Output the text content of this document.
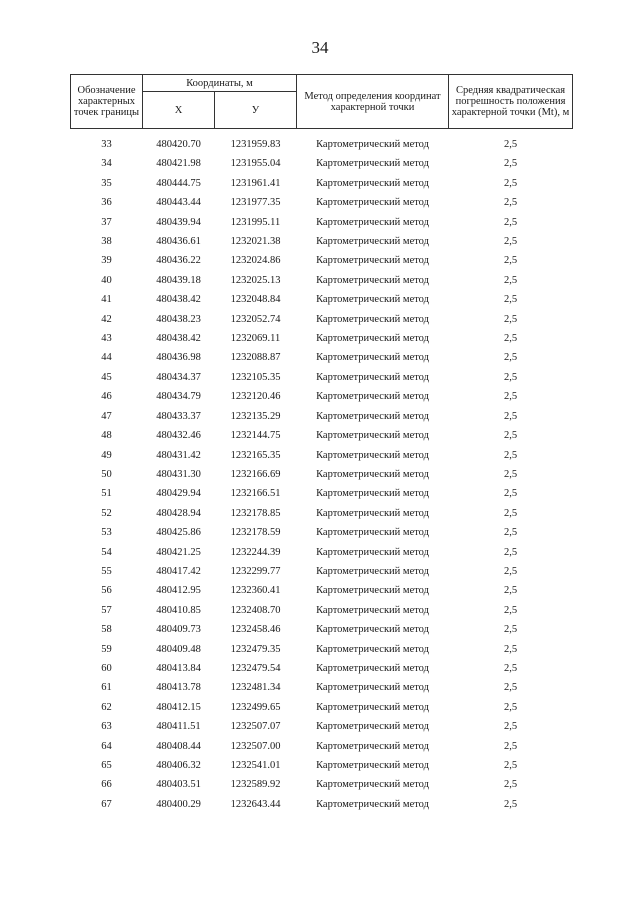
34
Обозначение характерных точек границы	Координаты, м		Метод определения координат характерной точки	Средняя квадратическая погрешность положения характерной точки (Mt), м
	X	У		
33	480420.70	1231959.83	Картометрический метод	2,5
34	480421.98	1231955.04	Картометрический метод	2,5
35	480444.75	1231961.41	Картометрический метод	2,5
36	480443.44	1231977.35	Картометрический метод	2,5
37	480439.94	1231995.11	Картометрический метод	2,5
38	480436.61	1232021.38	Картометрический метод	2,5
39	480436.22	1232024.86	Картометрический метод	2,5
40	480439.18	1232025.13	Картометрический метод	2,5
41	480438.42	1232048.84	Картометрический метод	2,5
42	480438.23	1232052.74	Картометрический метод	2,5
43	480438.42	1232069.11	Картометрический метод	2,5
44	480436.98	1232088.87	Картометрический метод	2,5
45	480434.37	1232105.35	Картометрический метод	2,5
46	480434.79	1232120.46	Картометрический метод	2,5
47	480433.37	1232135.29	Картометрический метод	2,5
48	480432.46	1232144.75	Картометрический метод	2,5
49	480431.42	1232165.35	Картометрический метод	2,5
50	480431.30	1232166.69	Картометрический метод	2,5
51	480429.94	1232166.51	Картометрический метод	2,5
52	480428.94	1232178.85	Картометрический метод	2,5
53	480425.86	1232178.59	Картометрический метод	2,5
54	480421.25	1232244.39	Картометрический метод	2,5
55	480417.42	1232299.77	Картометрический метод	2,5
56	480412.95	1232360.41	Картометрический метод	2,5
57	480410.85	1232408.70	Картометрический метод	2,5
58	480409.73	1232458.46	Картометрический метод	2,5
59	480409.48	1232479.35	Картометрический метод	2,5
60	480413.84	1232479.54	Картометрический метод	2,5
61	480413.78	1232481.34	Картометрический метод	2,5
62	480412.15	1232499.65	Картометрический метод	2,5
63	480411.51	1232507.07	Картометрический метод	2,5
64	480408.44	1232507.00	Картометрический метод	2,5
65	480406.32	1232541.01	Картометрический метод	2,5
66	480403.51	1232589.92	Картометрический метод	2,5
67	480400.29	1232643.44	Картометрический метод	2,5
